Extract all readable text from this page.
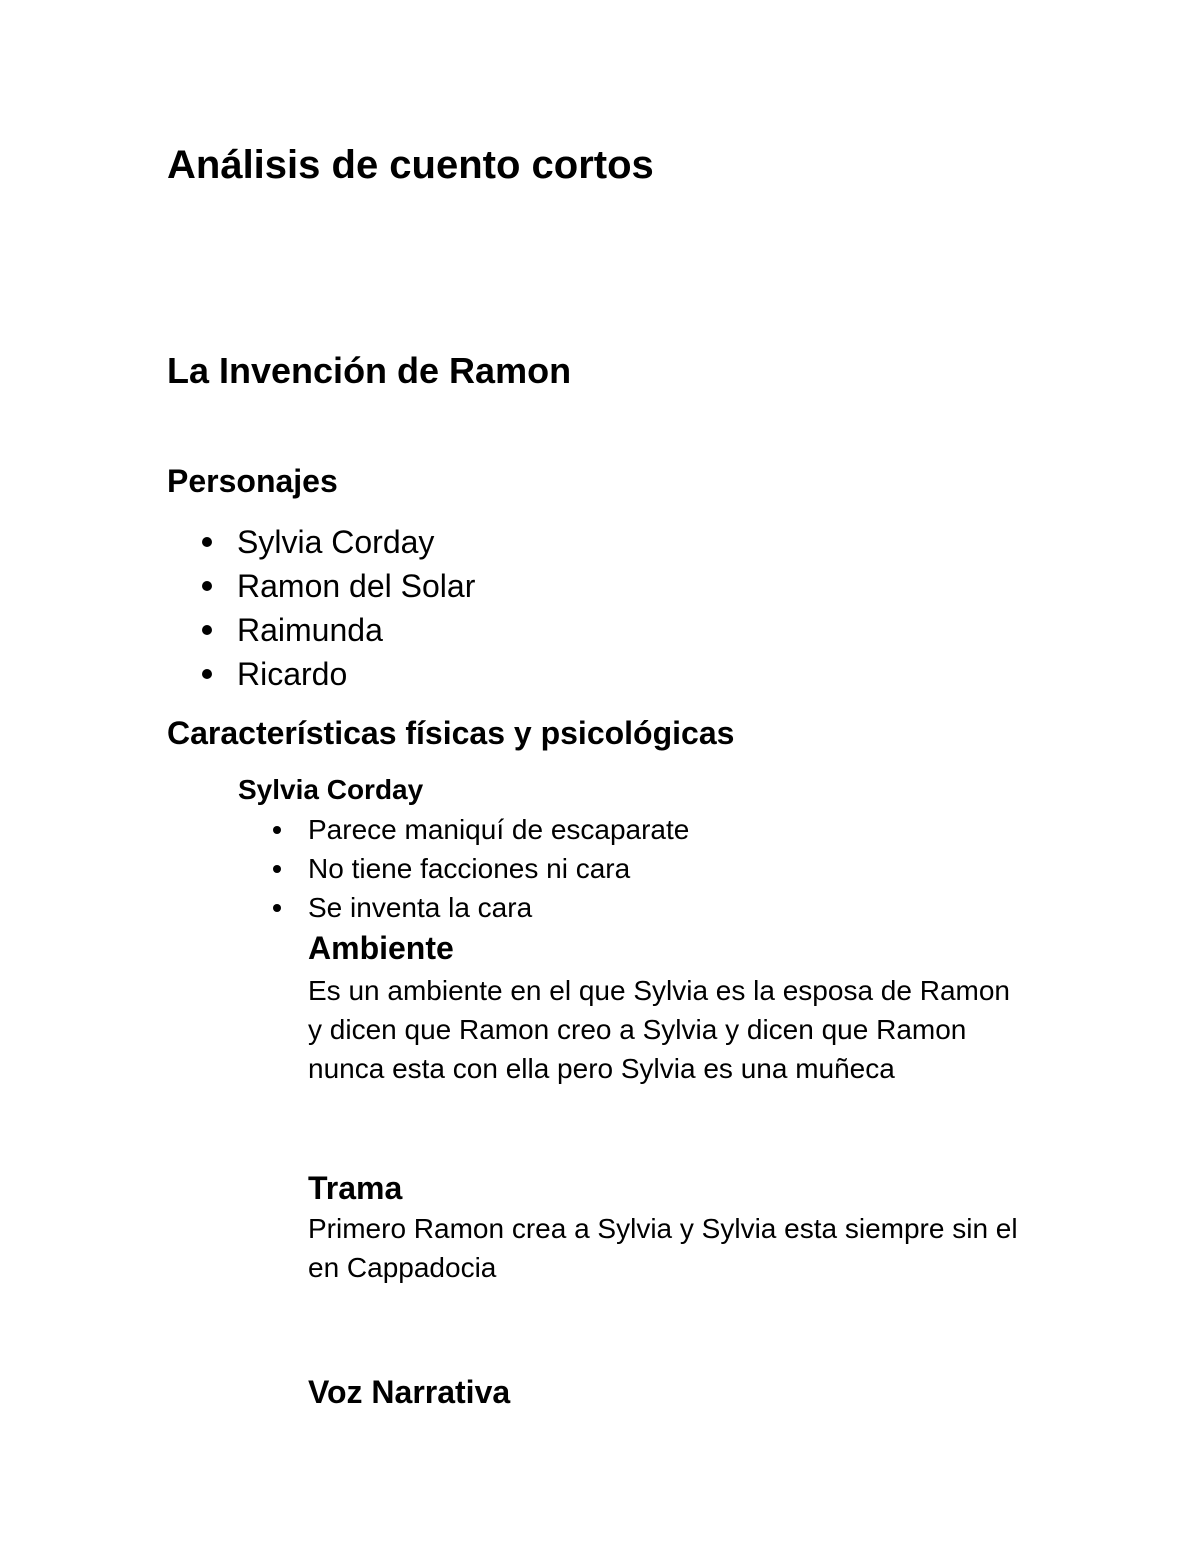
Análisis de cuento cortos
La Invención de Ramon
Personajes
Sylvia Corday
Ramon del Solar
Raimunda
Ricardo
Características físicas y psicológicas
Sylvia Corday
Parece maniquí de escaparate
No tiene facciones ni cara
Se inventa la cara
Ambiente

Es un ambiente en el que Sylvia es la esposa de Ramon y dicen que Ramon creo a Sylvia y dicen que Ramon nunca esta con ella pero Sylvia es una muñeca

Trama

Primero Ramon crea a Sylvia y Sylvia esta siempre sin el en Cappadocia

Voz Narrativa
